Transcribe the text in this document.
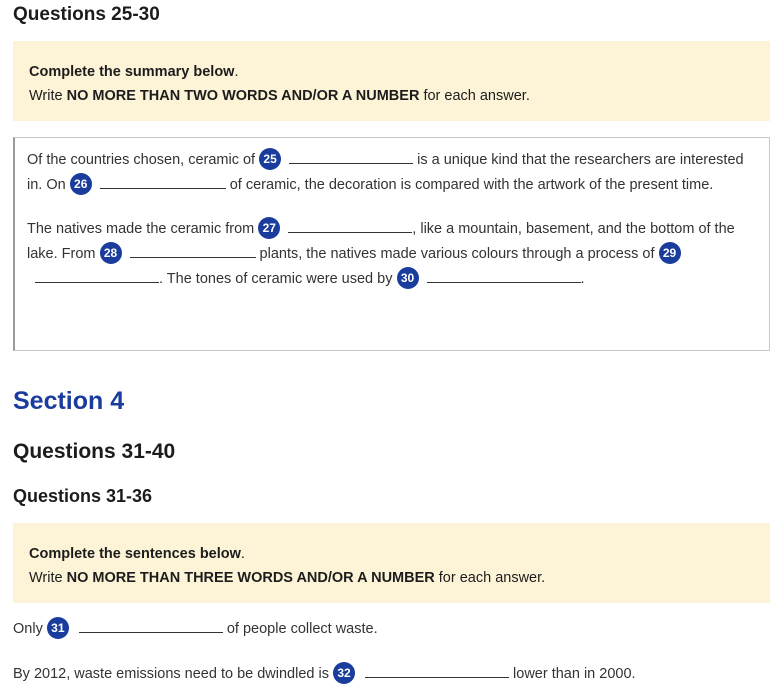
Questions 25-30
Complete the summary below.
Write NO MORE THAN TWO WORDS AND/OR A NUMBER for each answer.

Of the countries chosen, ceramic of 25	is a unique kind that the researchers are interested in. On 26	of ceramic, the decoration is compared with the artwork of the present time.

The natives made the ceramic from 27	, like a mountain, basement, and the bottom of the lake. From 28	plants, the natives made various colours through a process of 29. The tones of ceramic were used by 30	.

Section 4
Questions 31-40
Questions 31-36
Complete the sentences below.
Write NO MORE THAN THREE WORDS AND/OR A NUMBER for each answer.
Only 31	of people collect waste.
By 2012, waste emissions need to be dwindled is 32	lower than in 2000.
